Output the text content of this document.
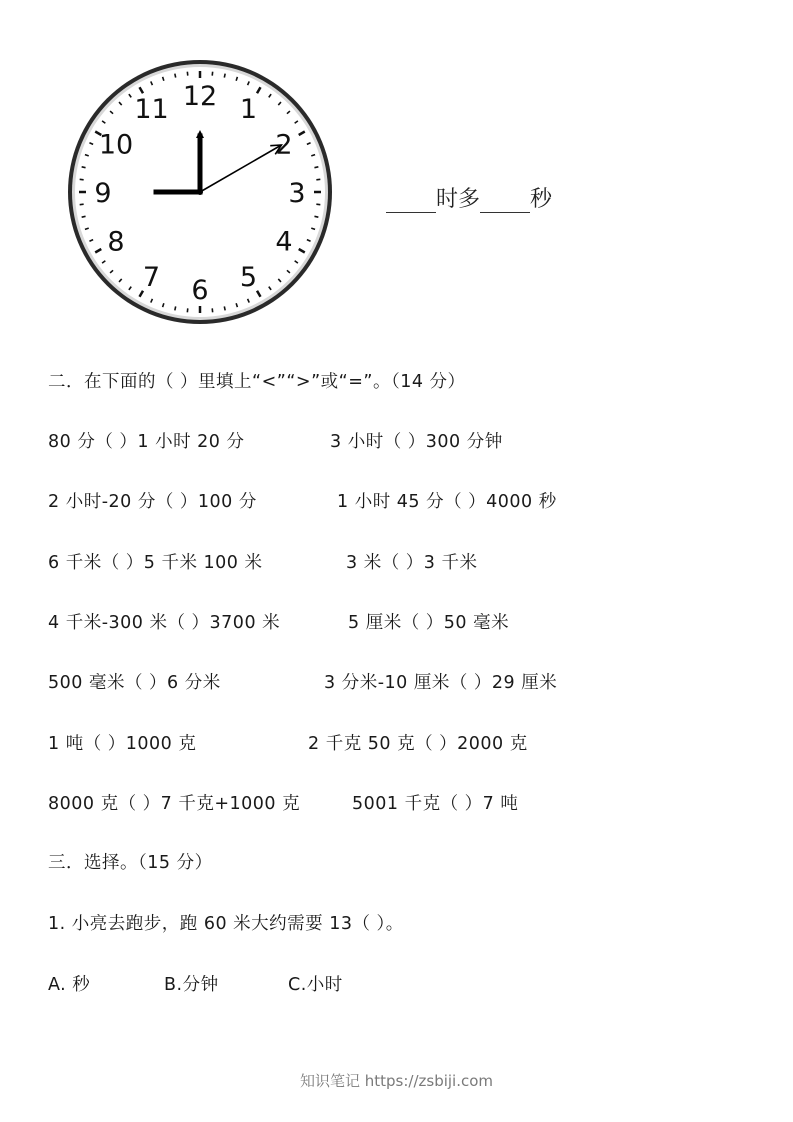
12 1
2
3
4
5
6
7
8
9
10
11
时多 秒
二．在下面的（ ）里填上“<”“>”或“=”。（14 分）
80 分（ ）1 小时 20 分	3 小时（ ）300 分钟
2 小时-20 分（ ）100 分	1 小时 45 分（ ）4000 秒
6 千米（ ）5 千米 100 米	3 米（ ）3 千米
4 千米-300 米（ ）3700 米	5 厘米（ ）50 毫米
500 毫米（ ）6 分米	3 分米-10 厘米（ ）29 厘米
1 吨（ ）1000 克	2 千克 50 克（ ）2000 克
8000 克（ ）7 千克+1000 克	5001 千克（ ）7 吨
三．选择。（15 分）
1. 小亮去跑步，跑 60 米大约需要 13（ ）。
A. 秒	B.分钟	C.小时
知识笔记 https://zsbiji.com
